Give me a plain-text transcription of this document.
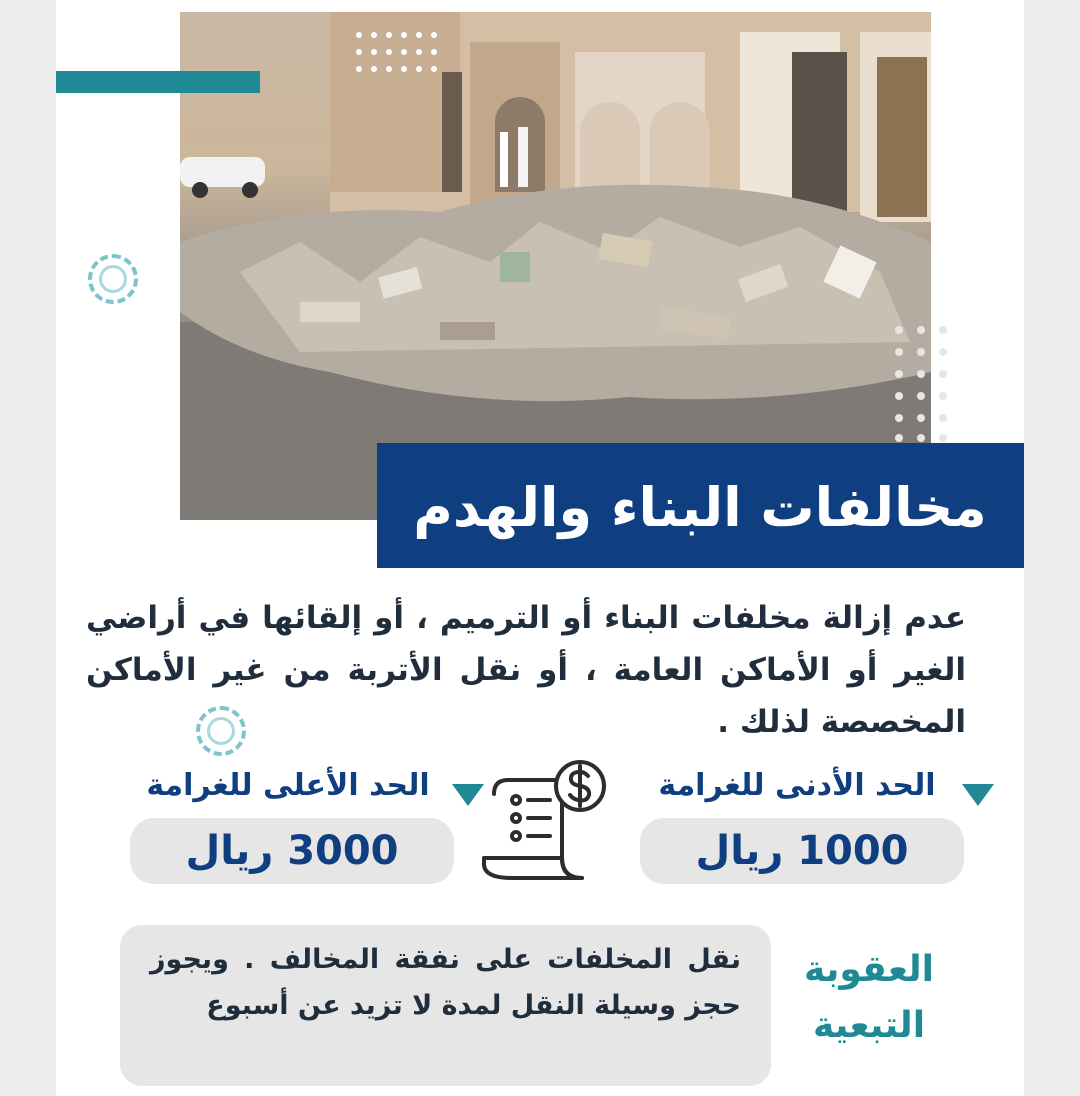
مخالفات البناء والهدم
عدم إزالة مخلفات البناء أو الترميم ، أو إلقائها في أراضي الغير أو الأماكن العامة ، أو نقل الأتربة من غير الأماكن المخصصة لذلك .
الحد الأدنى للغرامة
1000 ريال
الحد الأعلى للغرامة
3000 ريال
العقوبة التبعية
نقل المخلفات على نفقة المخالف . ويجوز حجز وسيلة النقل لمدة لا تزيد عن أسبوع
